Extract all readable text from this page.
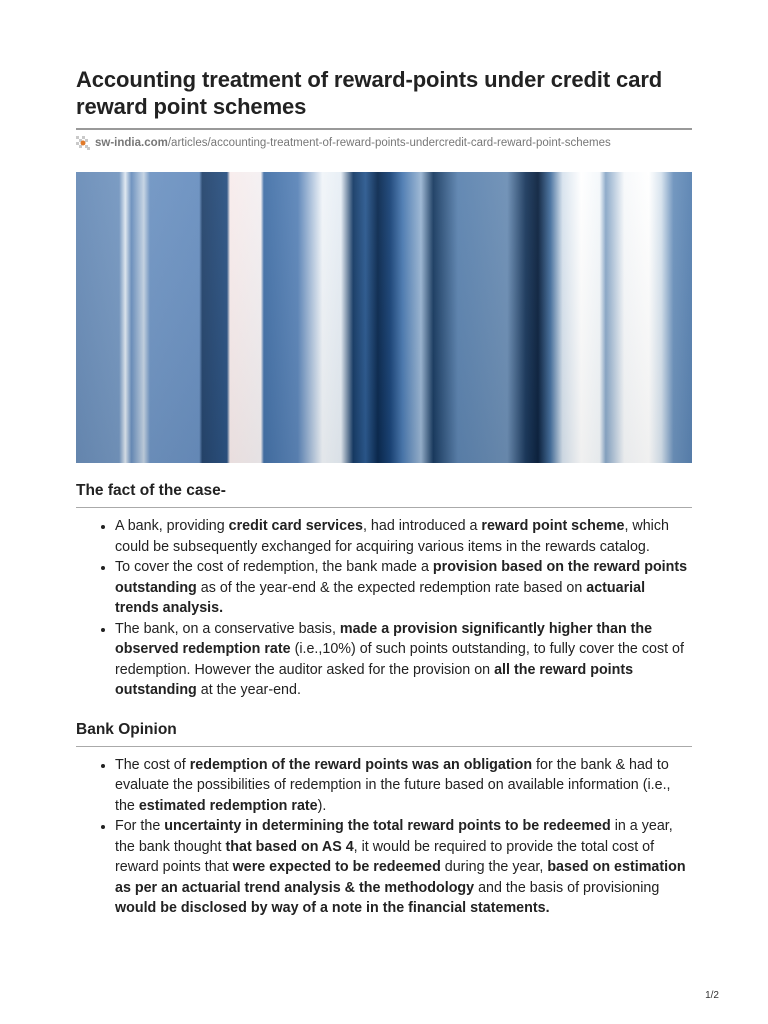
Accounting treatment of reward-points under credit card reward point schemes
sw-india.com /articles/accounting-treatment-of-reward-points-undercredit-card-reward-point-schemes
The fact of the case-
• A bank, providing credit card services, had introduced a reward point scheme, which could be subsequently exchanged for acquiring various items in the rewards catalog.
• To cover the cost of redemption, the bank made a provision based on the reward points outstanding as of the year-end & the expected redemption rate based on actuarial trends analysis.
• The bank, on a conservative basis, made a provision significantly higher than the observed redemption rate (i.e.,10%) of such points outstanding, to fully cover the cost of redemption. However the auditor asked for the provision on all the reward points outstanding at the year-end.
Bank Opinion
• The cost of redemption of the reward points was an obligation for the bank & had to evaluate the possibilities of redemption in the future based on available information (i.e., the estimated redemption rate).
• For the uncertainty in determining the total reward points to be redeemed in a year, the bank thought that based on AS 4, it would be required to provide the total cost of reward points that were expected to be redeemed during the year, based on estimation as per an actuarial trend analysis & the methodology and the basis of provisioning would be disclosed by way of a note in the financial statements.
1/2
